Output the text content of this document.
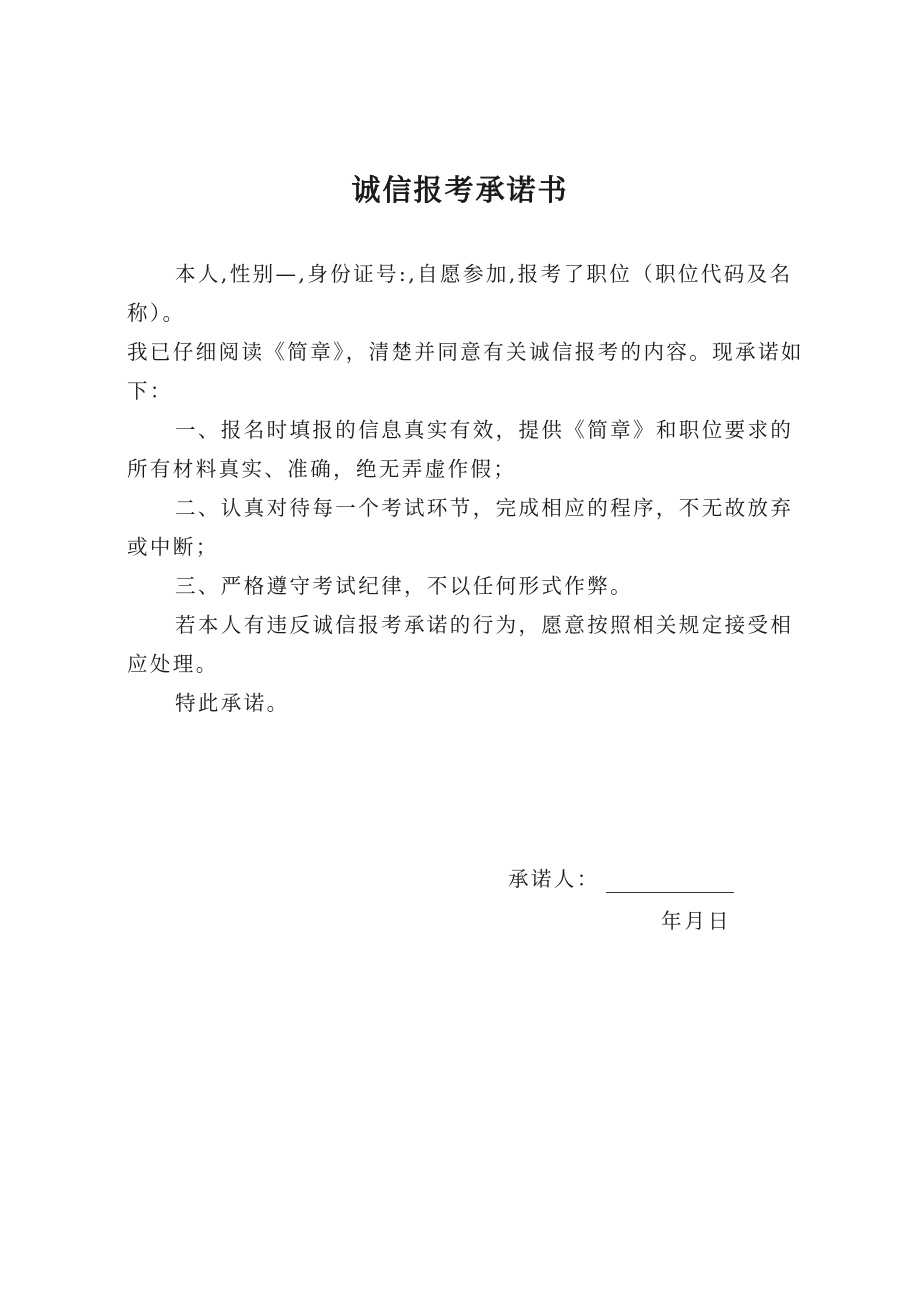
诚信报考承诺书

本人,性别—,身份证号:,自愿参加,报考了职位（职位代码及名称）。

我已仔细阅读《简章》，清楚并同意有关诚信报考的内容。现承诺如下：

一、报名时填报的信息真实有效，提供《简章》和职位要求的所有材料真实、准确，绝无弄虚作假；

二、认真对待每一个考试环节，完成相应的程序，不无故放弃或中断；

三、严格遵守考试纪律，不以任何形式作弊。

若本人有违反诚信报考承诺的行为，愿意按照相关规定接受相应处理。

特此承诺。

承诺人：
年月日
